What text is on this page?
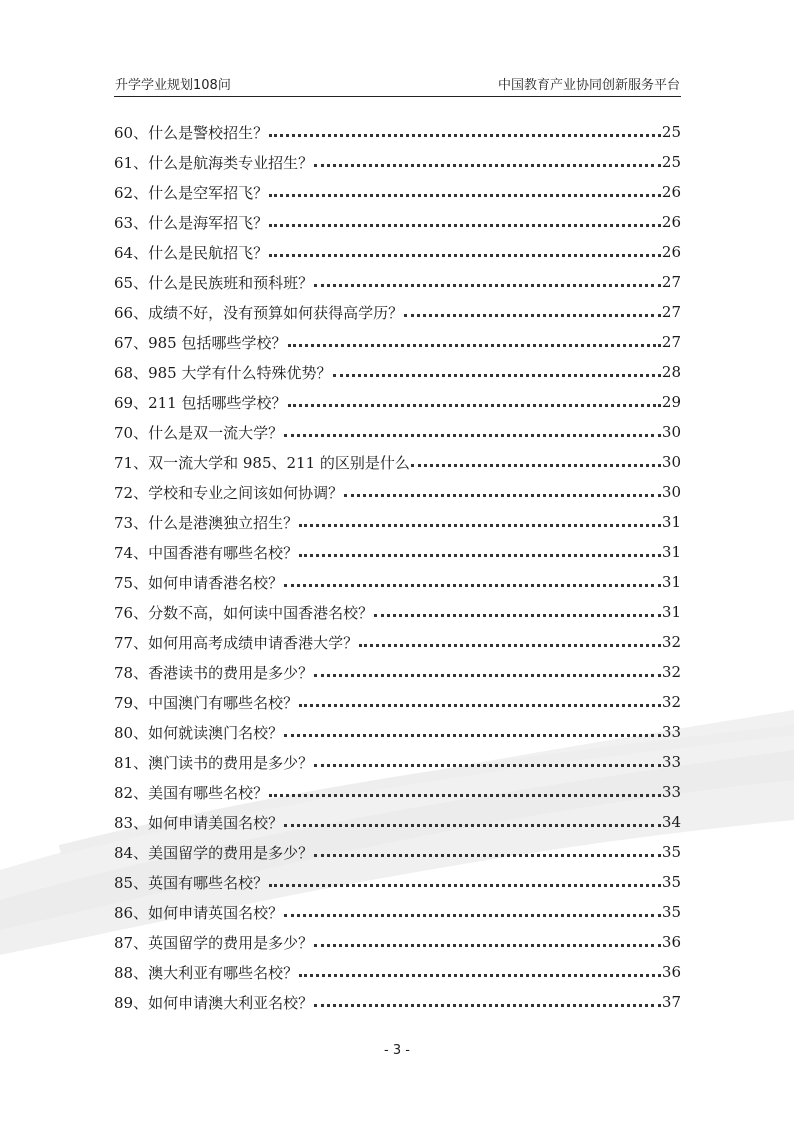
升学学业规划108问	中国教育产业协同创新服务平台
60、什么是警校招生？	25
61、什么是航海类专业招生？	25
62、什么是空军招飞？	26
63、什么是海军招飞？	26
64、什么是民航招飞？	26
65、什么是民族班和预科班？	27
66、成绩不好，没有预算如何获得高学历？	27
67、985 包括哪些学校？	27
68、985 大学有什么特殊优势？	28
69、211 包括哪些学校？	29
70、什么是双一流大学？	30
71、双一流大学和 985、211 的区别是什么	30
72、学校和专业之间该如何协调？	30
73、什么是港澳独立招生？	31
74、中国香港有哪些名校？	31
75、如何申请香港名校？	31
76、分数不高，如何读中国香港名校？	31
77、如何用高考成绩申请香港大学？	32
78、香港读书的费用是多少？	32
79、中国澳门有哪些名校？	32
80、如何就读澳门名校？	33
81、澳门读书的费用是多少？	33
82、美国有哪些名校？	33
83、如何申请美国名校？	34
84、美国留学的费用是多少？	35
85、英国有哪些名校？	35
86、如何申请英国名校？	35
87、英国留学的费用是多少？	36
88、澳大利亚有哪些名校？	36
89、如何申请澳大利亚名校？	37
- 3 -
